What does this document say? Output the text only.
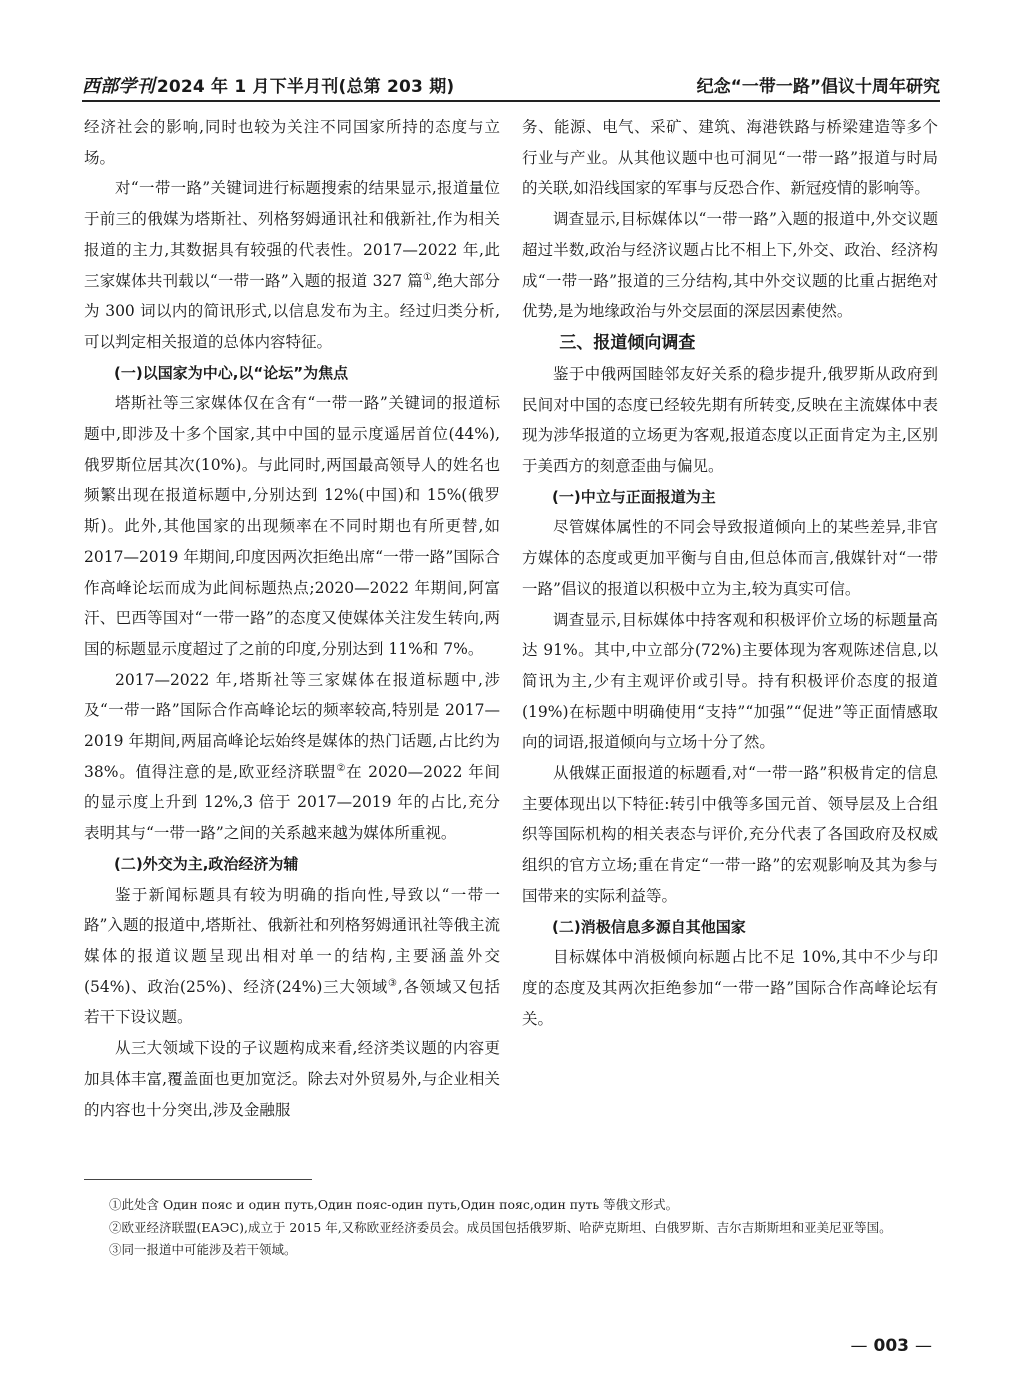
西部学刊 2024 年 1 月下半月刊(总第 203 期)	纪念“一带一路”倡议十周年研究

经济社会的影响,同时也较为关注不同国家所持的态度与立场。

对“一带一路”关键词进行标题搜索的结果显示,报道量位于前三的俄媒为塔斯社、列格努姆通讯社和俄新社,作为相关报道的主力,其数据具有较强的代表性。2017—2022 年,此三家媒体共刊载以“一带一路”入题的报道 327 篇①,绝大部分为 300 词以内的简讯形式,以信息发布为主。经过归类分析,可以判定相关报道的总体内容特征。

(一)以国家为中心,以“论坛”为焦点

塔斯社等三家媒体仅在含有“一带一路”关键词的报道标题中,即涉及十多个国家,其中中国的显示度遥居首位(44%),俄罗斯位居其次(10%)。与此同时,两国最高领导人的姓名也频繁出现在报道标题中,分别达到 12%(中国)和 15%(俄罗斯)。此外,其他国家的出现频率在不同时期也有所更替,如 2017—2019 年期间,印度因两次拒绝出席“一带一路”国际合作高峰论坛而成为此间标题热点;2020—2022 年期间,阿富汗、巴西等国对“一带一路”的态度又使媒体关注发生转向,两国的标题显示度超过了之前的印度,分别达到 11%和 7%。

2017—2022 年,塔斯社等三家媒体在报道标题中,涉及“一带一路”国际合作高峰论坛的频率较高,特别是 2017—2019 年期间,两届高峰论坛始终是媒体的热门话题,占比约为 38%。值得注意的是,欧亚经济联盟②在 2020—2022 年间的显示度上升到 12%,3 倍于 2017—2019 年的占比,充分表明其与“一带一路”之间的关系越来越为媒体所重视。

(二)外交为主,政治经济为辅

鉴于新闻标题具有较为明确的指向性,导致以“一带一路”入题的报道中,塔斯社、俄新社和列格努姆通讯社等俄主流媒体的报道议题呈现出相对单一的结构,主要涵盖外交(54%)、政治(25%)、经济(24%)三大领域③,各领域又包括若干下设议题。

从三大领域下设的子议题构成来看,经济类议题的内容更加具体丰富,覆盖面也更加宽泛。除去对外贸易外,与企业相关的内容也十分突出,涉及金融服

务、能源、电气、采矿、建筑、海港铁路与桥梁建造等多个行业与产业。从其他议题中也可洞见“一带一路”报道与时局的关联,如沿线国家的军事与反恐合作、新冠疫情的影响等。

调查显示,目标媒体以“一带一路”入题的报道中,外交议题超过半数,政治与经济议题占比不相上下,外交、政治、经济构成“一带一路”报道的三分结构,其中外交议题的比重占据绝对优势,是为地缘政治与外交层面的深层因素使然。

三、报道倾向调查

鉴于中俄两国睦邻友好关系的稳步提升,俄罗斯从政府到民间对中国的态度已经较先期有所转变,反映在主流媒体中表现为涉华报道的立场更为客观,报道态度以正面肯定为主,区别于美西方的刻意歪曲与偏见。

(一)中立与正面报道为主

尽管媒体属性的不同会导致报道倾向上的某些差异,非官方媒体的态度或更加平衡与自由,但总体而言,俄媒针对“一带一路”倡议的报道以积极中立为主,较为真实可信。

调查显示,目标媒体中持客观和积极评价立场的标题量高达 91%。其中,中立部分(72%)主要体现为客观陈述信息,以简讯为主,少有主观评价或引导。持有积极评价态度的报道(19%)在标题中明确使用“支持”“加强”“促进”等正面情感取向的词语,报道倾向与立场十分了然。

从俄媒正面报道的标题看,对“一带一路”积极肯定的信息主要体现出以下特征:转引中俄等多国元首、领导层及上合组织等国际机构的相关表态与评价,充分代表了各国政府及权威组织的官方立场;重在肯定“一带一路”的宏观影响及其为参与国带来的实际利益等。

(二)消极信息多源自其他国家

目标媒体中消极倾向标题占比不足 10%,其中不少与印度的态度及其两次拒绝参加“一带一路”国际合作高峰论坛有关。

①此处含 Один пояс и один путь,Один пояс-один путь,Один пояс,один путь 等俄文形式。

②欧亚经济联盟(ЕАЭС),成立于 2015 年,又称欧亚经济委员会。成员国包括俄罗斯、哈萨克斯坦、白俄罗斯、吉尔吉斯斯坦和亚美尼亚等国。

③同一报道中可能涉及若干领域。

— 003 —
